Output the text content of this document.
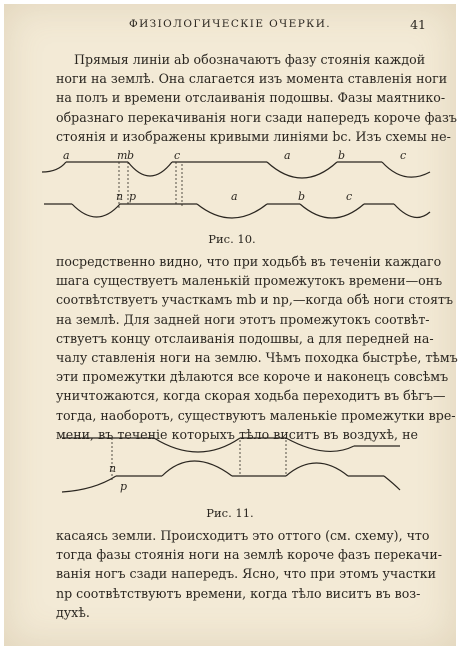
ФИЗІОЛОГИЧЕСКІЕ ОЧЕРКИ.	41
Прямыя линіи ab обозначаютъ фазу стоянія каждой
ноги на землѣ. Она слагается изъ момента ставленія ноги
на полъ и времени отслаиванія подошвы. Фазы маятнико-
образнаго перекачиванія ноги сзади напередъ короче фазъ
стоянія и изображены кривыми линіями bc. Изъ схемы не-
a	m b	c	a	b	c
n p	a	b	c
Рис. 10.
посредственно видно, что при ходьбѣ въ теченіи каждаго
шага существуетъ маленькій промежутокъ времени—онъ
соотвѣтствуетъ участкамъ mb и np,—когда обѣ ноги стоятъ
на землѣ. Для задней ноги этотъ промежутокъ соотвѣт-
ствуетъ концу отслаиванія подошвы, а для передней на-
чалу ставленія ноги на землю. Чѣмъ походка быстрѣе, тѣмъ
эти промежутки дѣлаются все короче и наконецъ совсѣмъ
уничтожаются, когда скорая ходьба переходитъ въ бѣгъ—
тогда, наоборотъ, существуютъ маленькіе промежутки вре-
мени, въ теченіе которыхъ тѣло виситъ въ воздухѣ, не
n
p
Рис. 11.
касаясь земли. Происходитъ это оттого (см. схему), что
тогда фазы стоянія ноги на землѣ короче фазъ перекачи-
ванія ногъ сзади напередъ. Ясно, что при этомъ участки
np соотвѣтствуютъ времени, когда тѣло виситъ въ воз-
духѣ.
